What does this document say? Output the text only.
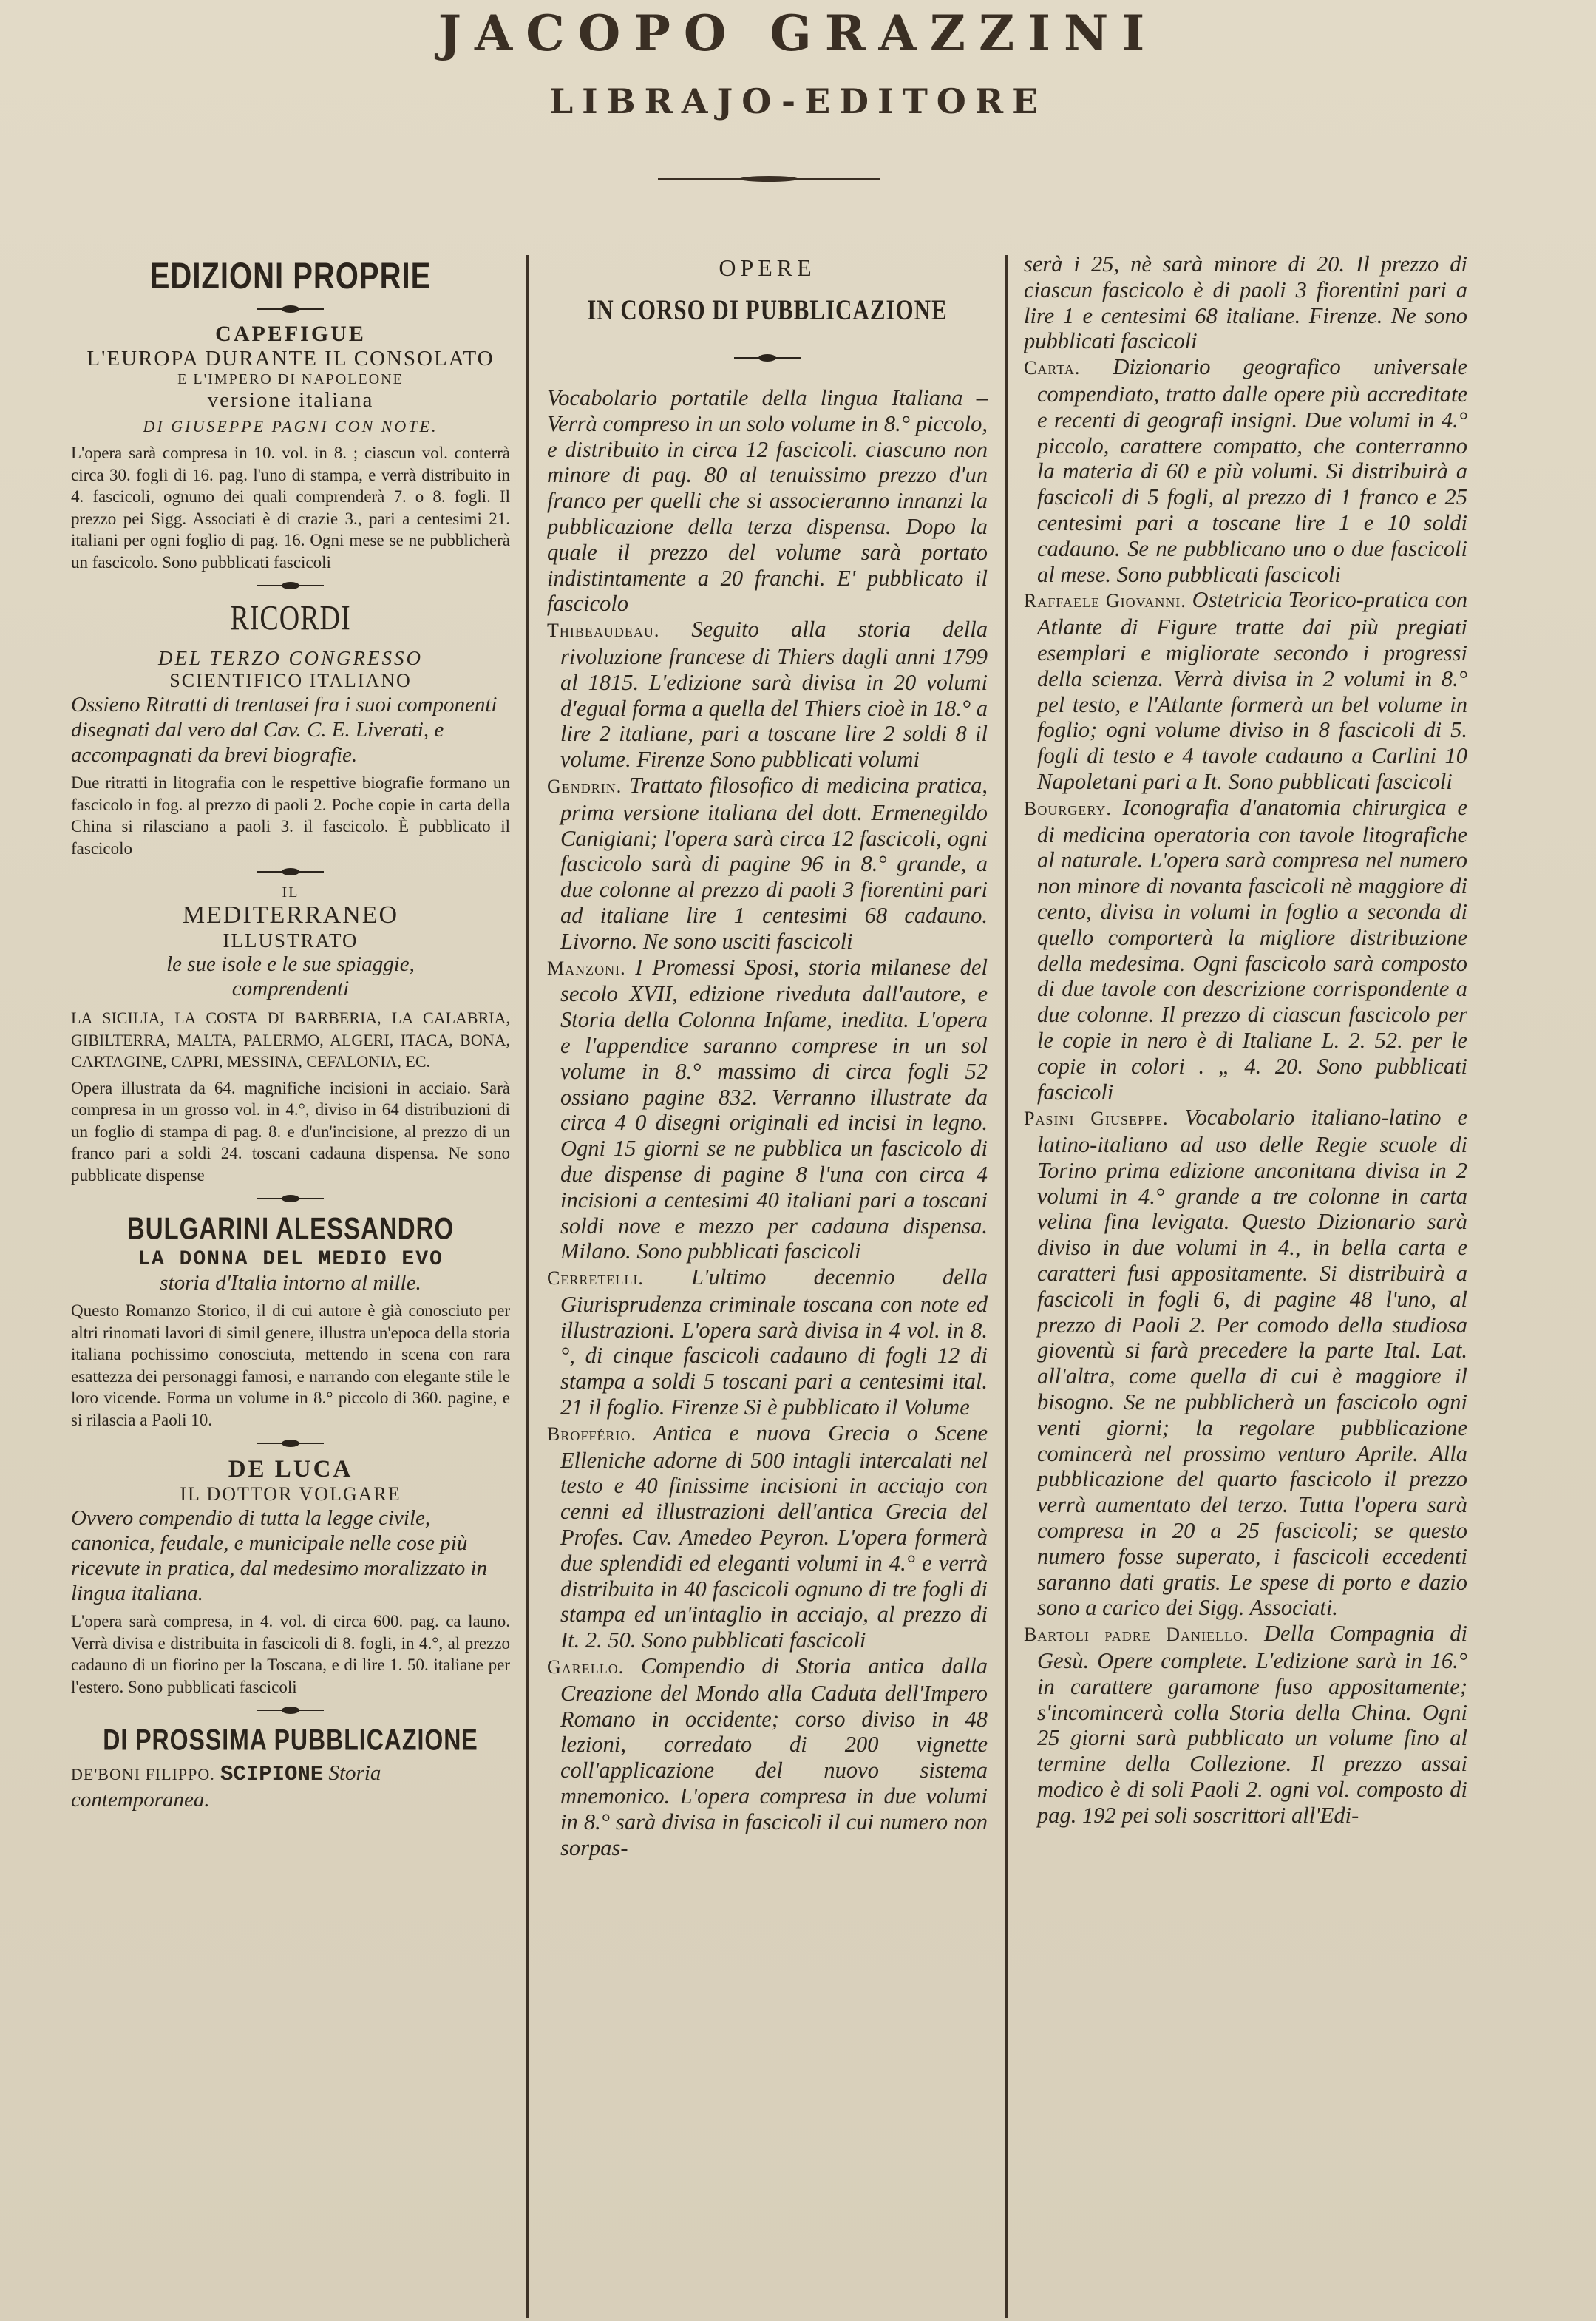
JACOPO GRAZZINI
LIBRAJO-EDITORE
EDIZIONI PROPRIE
CAPEFIGUE
L'EUROPA DURANTE IL CONSOLATO
E L'IMPERO DI NAPOLEONE
versione italiana
DI GIUSEPPE PAGNI CON NOTE.

L'opera sarà compresa in 10. vol. in 8. ; ciascun vol. conterrà circa 30. fogli di 16. pag. l'uno di stampa, e verrà distribuito in 4. fascicoli, ognuno dei quali comprenderà 7. o 8. fogli. Il prezzo pei Sigg. Associati è di crazie 3., pari a centesimi 21. italiani per ogni foglio di pag. 16. Ogni mese se ne pubblicherà un fascicolo. Sono pubblicati fascicoli

RICORDI
DEL TERZO CONGRESSO
SCIENTIFICO ITALIANO

Ossieno Ritratti di trentasei fra i suoi componenti disegnati dal vero dal Cav. C. E. Liverati, e accompagnati da brevi biografie.

Due ritratti in litografia con le respettive biografie formano un fascicolo in fog. al prezzo di paoli 2. Poche copie in carta della China si rilasciano a paoli 3. il fascicolo. È pubblicato il fascicolo

IL
MEDITERRANEO
ILLUSTRATO
le sue isole e le sue spiaggie,
comprendenti

LA SICILIA, LA COSTA DI BARBERIA, LA CALABRIA, GIBILTERRA, MALTA, PALERMO, ALGERI, ITACA, BONA, CARTAGINE, CAPRI, MESSINA, CEFALONIA, EC.

Opera illustrata da 64. magnifiche incisioni in acciaio. Sarà compresa in un grosso vol. in 4.°, diviso in 64 distribuzioni di un foglio di stampa di pag. 8. e d'un'incisione, al prezzo di un franco pari a soldi 24. toscani cadauna dispensa. Ne sono pubblicate dispense

BULGARINI ALESSANDRO
LA DONNA DEL MEDIO EVO
storia d'Italia intorno al mille.

Questo Romanzo Storico, il di cui autore è già conosciuto per altri rinomati lavori di simil genere, illustra un'epoca della storia italiana pochissimo conosciuta, mettendo in scena con rara esattezza dei personaggi famosi, e narrando con elegante stile le loro vicende. Forma un volume in 8.° piccolo di 360. pagine, e si rilascia a Paoli 10.

DE LUCA
IL DOTTOR VOLGARE

Ovvero compendio di tutta la legge civile, canonica, feudale, e municipale nelle cose più ricevute in pratica, dal medesimo moralizzato in lingua italiana.

L'opera sarà compresa, in 4. vol. di circa 600. pag. ca launo. Verrà divisa e distribuita in fascicoli di 8. fogli, in 4.°, al prezzo cadauno di un fiorino per la Toscana, e di lire 1. 50. italiane per l'estero. Sono pubblicati fascicoli

DI PROSSIMA PUBBLICAZIONE

DE'BONI FILIPPO. SCIPIONE Storia contemporanea.

OPERE
IN CORSO DI PUBBLICAZIONE

Vocabolario portatile della lingua Italiana – Verrà compreso in un solo volume in 8.° piccolo, e distribuito in circa 12 fascicoli. ciascuno non minore di pag. 80 al tenuissimo prezzo d'un franco per quelli che si associeranno innanzi la pubblicazione della terza dispensa. Dopo la quale il prezzo del volume sarà portato indistintamente a 20 franchi. E' pubblicato il fascicolo

Thibeaudeau. Seguito alla storia della rivoluzione francese di Thiers dagli anni 1799 al 1815. L'edizione sarà divisa in 20 volumi d'egual forma a quella del Thiers cioè in 18.° a lire 2 italiane, pari a toscane lire 2 soldi 8 il volume. Firenze Sono pubblicati volumi

Gendrin. Trattato filosofico di medicina pratica, prima versione italiana del dott. Ermenegildo Canigiani; l'opera sarà circa 12 fascicoli, ogni fascicolo sarà di pagine 96 in 8.° grande, a due colonne al prezzo di paoli 3 fiorentini pari ad italiane lire 1 centesimi 68 cadauno. Livorno. Ne sono usciti fascicoli

Manzoni. I Promessi Sposi, storia milanese del secolo XVII, edizione riveduta dall'autore, e Storia della Colonna Infame, inedita. L'opera e l'appendice saranno comprese in un sol volume in 8.° massimo di circa fogli 52 ossiano pagine 832. Verranno illustrate da circa 4 0 disegni originali ed incisi in legno. Ogni 15 giorni se ne pubblica un fascicolo di due dispense di pagine 8 l'una con circa 4 incisioni a centesimi 40 italiani pari a toscani soldi nove e mezzo per cadauna dispensa. Milano. Sono pubblicati fascicoli

Cerretelli. L'ultimo decennio della Giurisprudenza criminale toscana con note ed illustrazioni. L'opera sarà divisa in 4 vol. in 8.°, di cinque fascicoli cadauno di fogli 12 di stampa a soldi 5 toscani pari a centesimi ital. 21 il foglio. Firenze Si è pubblicato il Volume

Broffério. Antica e nuova Grecia o Scene Elleniche adorne di 500 intagli intercalati nel testo e 40 finissime incisioni in acciajo con cenni ed illustrazioni dell'antica Grecia del Profes. Cav. Amedeo Peyron. L'opera formerà due splendidi ed eleganti volumi in 4.° e verrà distribuita in 40 fascicoli ognuno di tre fogli di stampa ed un'intaglio in acciajo, al prezzo di It. 2. 50. Sono pubblicati fascicoli

Garello. Compendio di Storia antica dalla Creazione del Mondo alla Caduta dell'Impero Romano in occidente; corso diviso in 48 lezioni, corredato di 200 vignette coll'applicazione del nuovo sistema mnemonico. L'opera compresa in due volumi in 8.° sarà divisa in fascicoli il cui numero non sorpas-

serà i 25, nè sarà minore di 20. Il prezzo di ciascun fascicolo è di paoli 3 fiorentini pari a lire 1 e centesimi 68 italiane. Firenze. Ne sono pubblicati fascicoli

Carta. Dizionario geografico universale compendiato, tratto dalle opere più accreditate e recenti di geografi insigni. Due volumi in 4.° piccolo, carattere compatto, che conterranno la materia di 60 e più volumi. Si distribuirà a fascicoli di 5 fogli, al prezzo di 1 franco e 25 centesimi pari a toscane lire 1 e 10 soldi cadauno. Se ne pubblicano uno o due fascicoli al mese. Sono pubblicati fascicoli

Raffaele Giovanni. Ostetricia Teorico-pratica con Atlante di Figure tratte dai più pregiati esemplari e migliorate secondo i progressi della scienza. Verrà divisa in 2 volumi in 8.° pel testo, e l'Atlante formerà un bel volume in foglio; ogni volume diviso in 8 fascicoli di 5. fogli di testo e 4 tavole cadauno a Carlini 10 Napoletani pari a It. Sono pubblicati fascicoli

Bourgery. Iconografia d'anatomia chirurgica e di medicina operatoria con tavole litografiche al naturale. L'opera sarà compresa nel numero non minore di novanta fascicoli nè maggiore di cento, divisa in volumi in foglio a seconda di quello comporterà la migliore distribuzione della medesima. Ogni fascicolo sarà composto di due tavole con descrizione corrispondente a due colonne. Il prezzo di ciascun fascicolo per le copie in nero è di Italiane L. 2. 52. per le copie in colori . „ 4. 20. Sono pubblicati fascicoli

Pasini Giuseppe. Vocabolario italiano-latino e latino-italiano ad uso delle Regie scuole di Torino prima edizione anconitana divisa in 2 volumi in 4.° grande a tre colonne in carta velina fina levigata. Questo Dizionario sarà diviso in due volumi in 4., in bella carta e caratteri fusi appositamente. Si distribuirà a fascicoli in fogli 6, di pagine 48 l'uno, al prezzo di Paoli 2. Per comodo della studiosa gioventù si farà precedere la parte Ital. Lat. all'altra, come quella di cui è maggiore il bisogno. Se ne pubblicherà un fascicolo ogni venti giorni; la regolare pubblicazione comincerà nel prossimo venturo Aprile. Alla pubblicazione del quarto fascicolo il prezzo verrà aumentato del terzo. Tutta l'opera sarà compresa in 20 a 25 fascicoli; se questo numero fosse superato, i fascicoli eccedenti saranno dati gratis. Le spese di porto e dazio sono a carico dei Sigg. Associati.

Bartoli padre Daniello. Della Compagnia di Gesù. Opere complete. L'edizione sarà in 16.° in carattere garamone fuso appositamente; s'incomincerà colla Storia della China. Ogni 25 giorni sarà pubblicato un volume fino al termine della Collezione. Il prezzo assai modico è di soli Paoli 2. ogni vol. composto di pag. 192 pei soli soscrittori all'Edi-
